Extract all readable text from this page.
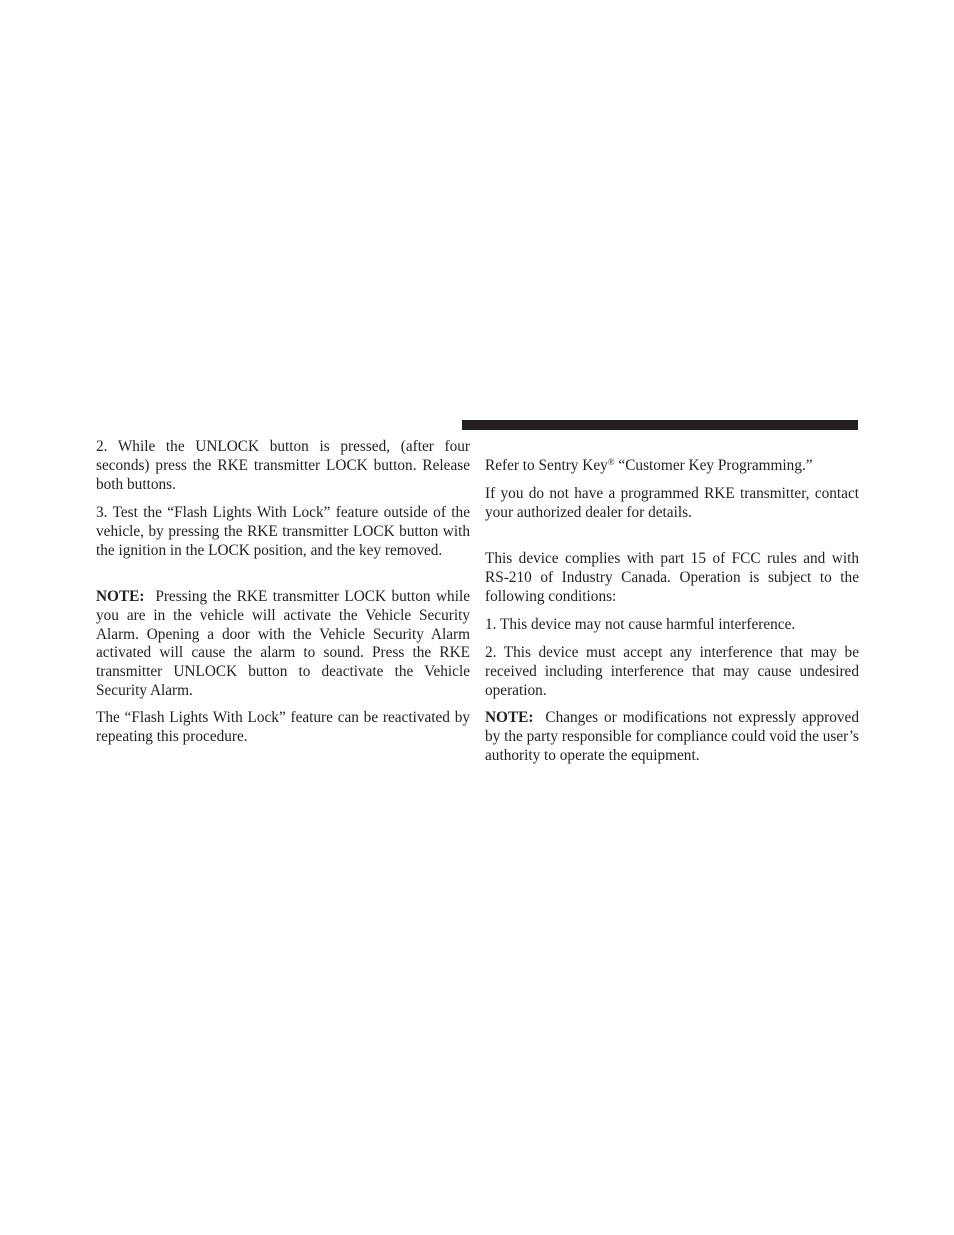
2. While the UNLOCK button is pressed, (after four seconds) press the RKE transmitter LOCK button. Release both buttons.

3. Test the “Flash Lights With Lock” feature outside of the vehicle, by pressing the RKE transmitter LOCK button with the ignition in the LOCK position, and the key removed.

NOTE: Pressing the RKE transmitter LOCK button while you are in the vehicle will activate the Vehicle Security Alarm. Opening a door with the Vehicle Security Alarm activated will cause the alarm to sound. Press the RKE transmitter UNLOCK button to deactivate the Vehicle Security Alarm.

The “Flash Lights With Lock” feature can be reactivated by repeating this procedure.

Refer to Sentry Key® “Customer Key Programming.”

If you do not have a programmed RKE transmitter, contact your authorized dealer for details.

This device complies with part 15 of FCC rules and with RS-210 of Industry Canada. Operation is subject to the following conditions:

1. This device may not cause harmful interference.

2. This device must accept any interference that may be received including interference that may cause undesired operation.

NOTE: Changes or modifications not expressly approved by the party responsible for compliance could void the user’s authority to operate the equipment.
